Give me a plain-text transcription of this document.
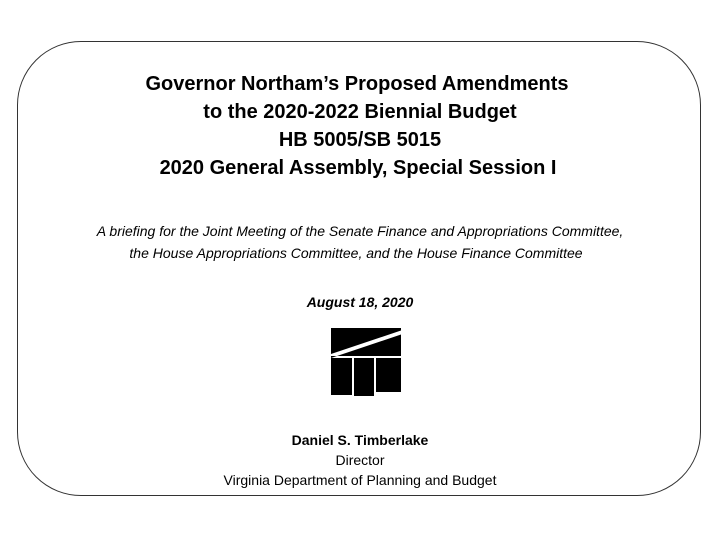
Governor Northam’s Proposed Amendments
to the 2020-2022 Biennial Budget
HB 5005/SB 5015
2020 General Assembly, Special Session I
A briefing for the Joint Meeting of the Senate Finance and Appropriations Committee,
the House Appropriations Committee, and the House Finance Committee
August 18, 2020
Daniel S. Timberlake
Director
Virginia Department of Planning and Budget
